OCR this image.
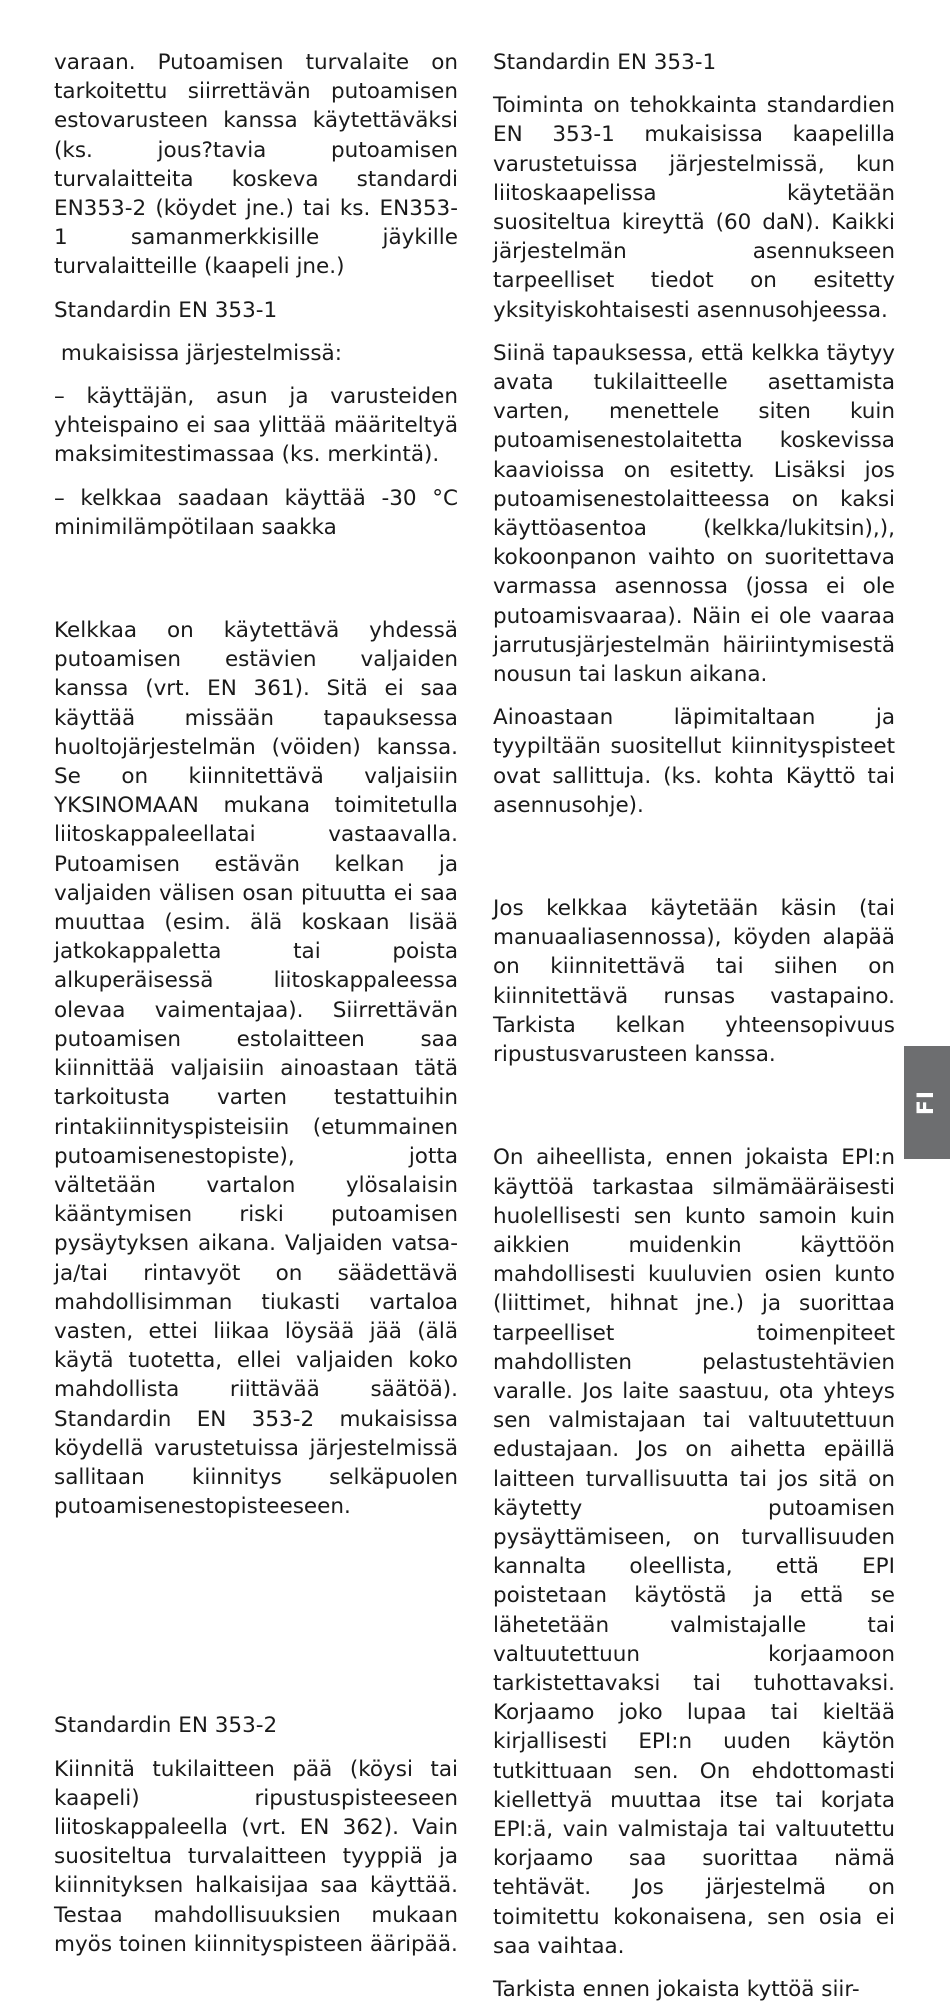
varaan. Putoamisen turvalaite on tarkoitettu siirrettävän putoamisen estovarusteen kanssa käytettäväksi (ks. jous?tavia putoamisen turvalaitteita koskeva standardi EN353-2 (köydet jne.) tai ks. EN353-1 samanmerkkisille jäykille turvalaitteille (kaapeli jne.)

Standardin EN 353-1

mukaisissa järjestelmissä:

– käyttäjän, asun ja varusteiden yhteispaino ei saa ylittää määriteltyä maksimitestimassaa (ks. merkintä).

– kelkkaa saadaan käyttää -30 °C minimilämpötilaan saakka

Kelkkaa on käytettävä yhdessä putoamisen estävien valjaiden kanssa (vrt. EN 361). Sitä ei saa käyttää missään tapauksessa huoltojärjestelmän (vöiden) kanssa. Se on kiinnitettävä valjaisiin YKSINOMAAN mukana toimitetulla liitoskappaleellatai vastaavalla. Putoamisen estävän kelkan ja valjaiden välisen osan pituutta ei saa muuttaa (esim. älä koskaan lisää jatkokappaletta tai poista alkuperäisessä liitoskappaleessa olevaa vaimentajaa). Siirrettävän putoamisen estolaitteen saa kiinnittää valjaisiin ainoastaan tätä tarkoitusta varten testattuihin rintakiinnityspisteisiin (etummainen putoamisenestopiste), jotta vältetään vartalon ylösalaisin kääntymisen riski putoamisen pysäytyksen aikana. Valjaiden vatsa- ja/tai rintavyöt on säädettävä mahdollisimman tiukasti vartaloa vasten, ettei liikaa löysää jää (älä käytä tuotetta, ellei valjaiden koko mahdollista riittävää säätöä). Standardin EN 353-2 mukaisissa köydellä varustetuissa järjestelmissä sallitaan kiinnitys selkäpuolen putoamisenestopisteeseen.

Standardin EN 353-2

Kiinnitä tukilaitteen pää (köysi tai kaapeli) ripustuspisteeseen liitoskappaleella (vrt. EN 362). Vain suositeltua turvalaitteen tyyppiä ja kiinnityksen halkaisijaa saa käyttää. Testaa mahdollisuuksien mukaan myös toinen kiinnityspisteen ääripää.

Standardin EN 353-1

Toiminta on tehokkainta standardien EN 353-1 mukaisissa kaapelilla varustetuissa järjestelmissä, kun liitoskaapelissa käytetään suositeltua kireyttä (60 daN). Kaikki järjestelmän asennukseen tarpeelliset tiedot on esitetty yksityiskohtaisesti asennusohjeessa.

Siinä tapauksessa, että kelkka täytyy avata tukilaitteelle asettamista varten, menettele siten kuin putoamisenestolaitetta koskevissa kaavioissa on esitetty. Lisäksi jos putoamisenestolaitteessa on kaksi käyttöasentoa (kelkka/lukitsin),), kokoonpanon vaihto on suoritettava varmassa asennossa (jossa ei ole putoamisvaaraa). Näin ei ole vaaraa jarrutusjärjestelmän häiriintymisestä nousun tai laskun aikana.

Ainoastaan läpimitaltaan ja tyypiltään suositellut kiinnityspisteet ovat sallittuja. (ks. kohta Käyttö tai asennusohje).

Jos kelkkaa käytetään käsin (tai manuaaliasennossa), köyden alapää on kiinnitettävä tai siihen on kiinnitettävä runsas vastapaino. Tarkista kelkan yhteensopivuus ripustusvarusteen kanssa.

On aiheellista, ennen jokaista EPI:n käyttöä tarkastaa silmämääräisesti huolellisesti sen kunto samoin kuin aikkien muidenkin käyttöön mahdollisesti kuuluvien osien kunto (liittimet, hihnat jne.) ja suorittaa tarpeelliset toimenpiteet mahdollisten pelastustehtävien varalle. Jos laite saastuu, ota yhteys sen valmistajaan tai valtuutettuun edustajaan. Jos on aihetta epäillä laitteen turvallisuutta tai jos sitä on käytetty putoamisen pysäyttämiseen, on turvallisuuden kannalta oleellista, että EPI poistetaan käytöstä ja että se lähetetään valmistajalle tai valtuutettuun korjaamoon tarkistettavaksi tai tuhottavaksi. Korjaamo joko lupaa tai kieltää kirjallisesti EPI:n uuden käytön tutkittuaan sen. On ehdottomasti kiellettyä muuttaa itse tai korjata EPI:ä, vain valmistaja tai valtuutettu korjaamo saa suorittaa nämä tehtävät. Jos järjestelmä on toimitettu kokonaisena, sen osia ei saa vaihtaa.

Tarkista ennen jokaista kyttöä siir-

FI
